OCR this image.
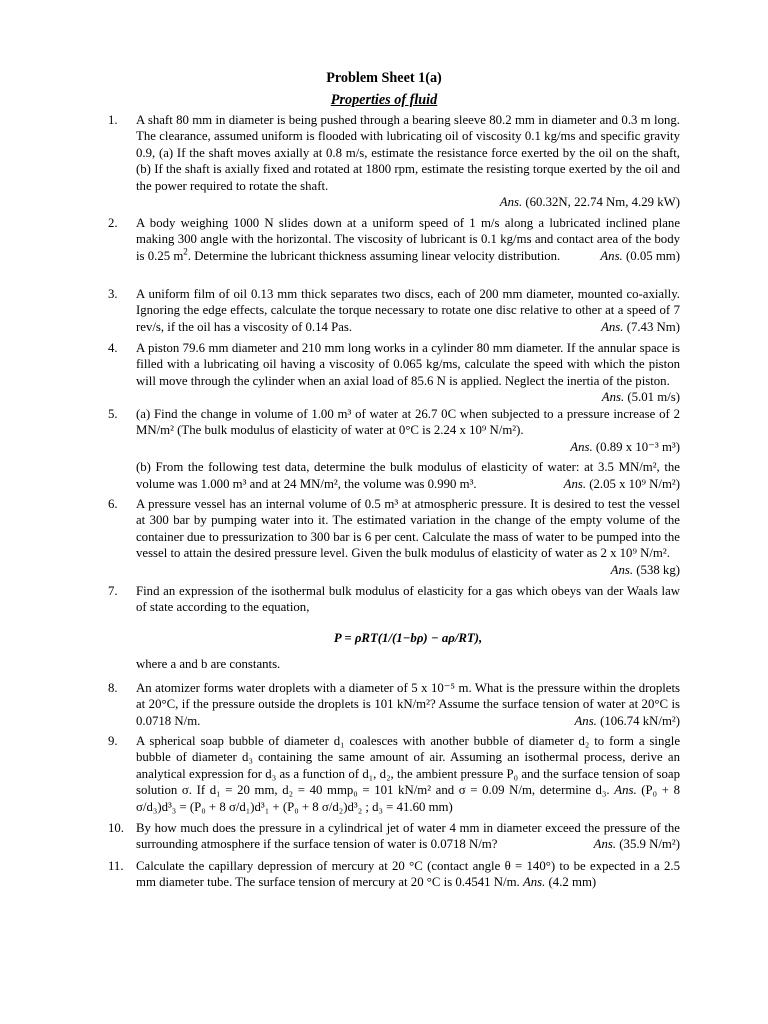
Problem Sheet 1(a)
Properties of fluid
1. A shaft 80 mm in diameter is being pushed through a bearing sleeve 80.2 mm in diameter and 0.3 m long. The clearance, assumed uniform is flooded with lubricating oil of viscosity 0.1 kg/ms and specific gravity 0.9, (a) If the shaft moves axially at 0.8 m/s, estimate the resistance force exerted by the oil on the shaft, (b) If the shaft is axially fixed and rotated at 1800 rpm, estimate the resisting torque exerted by the oil and the power required to rotate the shaft.
Ans. (60.32N, 22.74 Nm, 4.29 kW)
2. A body weighing 1000 N slides down at a uniform speed of 1 m/s along a lubricated inclined plane making 300 angle with the horizontal. The viscosity of lubricant is 0.1 kg/ms and contact area of the body is 0.25 $m^2$. Determine the lubricant thickness assuming linear velocity distribution.	Ans. (0.05 mm)
3. A uniform film of oil 0.13 mm thick separates two discs, each of 200 mm diameter, mounted co-axially. Ignoring the edge effects, calculate the torque necessary to rotate one disc relative to other at a speed of 7 rev/s, if the oil has a viscosity of 0.14 Pas.	Ans. (7.43 Nm)
4. A piston 79.6 mm diameter and 210 mm long works in a cylinder 80 mm diameter. If the annular space is filled with a lubricating oil having a viscosity of 0.065 kg/ms, calculate the speed with which the piston will move through the cylinder when an axial load of 85.6 N is applied. Neglect the inertia of the piston.
Ans. (5.01 m/s)
5. (a) Find the change in volume of 1.00 m³ of water at 26.7 0C when subjected to a pressure increase of 2 MN/m² (The bulk modulus of elasticity of water at 0°C is 2.24 x 10⁹ N/m²).
Ans. (0.89 x 10⁻³ m³)
(b) From the following test data, determine the bulk modulus of elasticity of water: at 3.5 MN/m², the volume was 1.000 m³ and at 24 MN/m², the volume was 0.990 m³.	Ans. (2.05 x 10⁹ N/m²)
6. A pressure vessel has an internal volume of 0.5 m³ at atmospheric pressure. It is desired to test the vessel at 300 bar by pumping water into it. The estimated variation in the change of the empty volume of the container due to pressurization to 300 bar is 6 per cent. Calculate the mass of water to be pumped into the vessel to attain the desired pressure level. Given the bulk modulus of elasticity of water as 2 x 10⁹ N/m².
Ans. (538 kg)
7. Find an expression of the isothermal bulk modulus of elasticity for a gas which obeys van der Waals law of state according to the equation,
P = ρRT(1/(1−bρ) − aρ/RT),
where a and b are constants.
8. An atomizer forms water droplets with a diameter of 5 x 10⁻⁵ m. What is the pressure within the droplets at 20°C, if the pressure outside the droplets is 101 kN/m²? Assume the surface tension of water at 20°C is 0.0718 N/m.	Ans. (106.74 kN/m²)
9. A spherical soap bubble of diameter d₁ coalesces with another bubble of diameter d₂ to form a single bubble of diameter d₃ containing the same amount of air. Assuming an isothermal process, derive an analytical expression for d₃ as a function of d₁, d₂, the ambient pressure P₀ and the surface tension of soap solution σ. If d₁ = 20 mm, d₂ = 40 mmp₀ = 101 kN/m² and σ = 0.09 N/m, determine d₃. Ans. (P₀ + 8 σ/d₃)d³₃ = (P₀ + 8 σ/d₁)d³₁ + (P₀ + 8 σ/d₂)d³₂ ; d₃ = 41.60 mm)
10. By how much does the pressure in a cylindrical jet of water 4 mm in diameter exceed the pressure of the surrounding atmosphere if the surface tension of water is 0.0718 N/m?	Ans. (35.9 N/m²)
11. Calculate the capillary depression of mercury at 20 °C (contact angle θ = 140°) to be expected in a 2.5 mm diameter tube. The surface tension of mercury at 20 °C is 0.4541 N/m. Ans. (4.2 mm)
